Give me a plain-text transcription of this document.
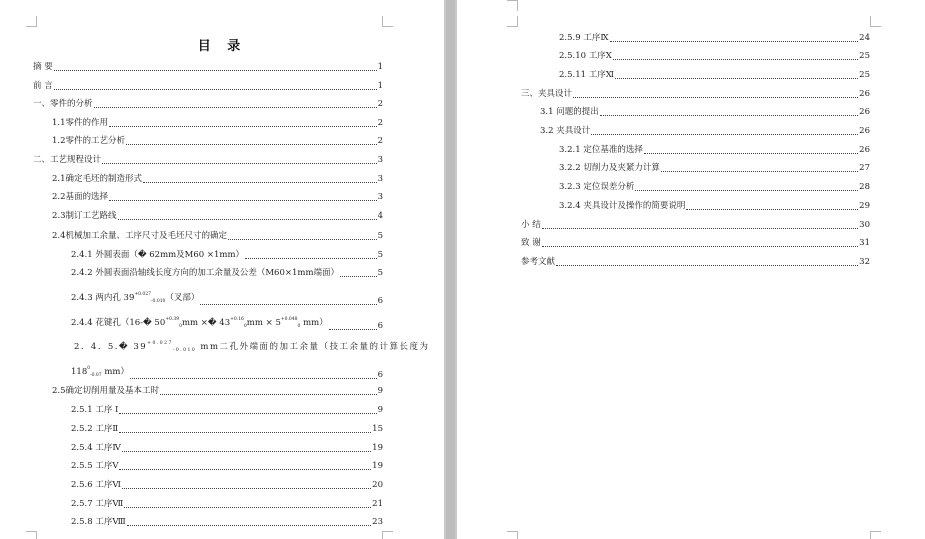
目 录
摘 要	1
前 言	1
一、零件的分析	2
1.1零件的作用	2
1.2零件的工艺分析	2
二、工艺规程设计	3
2.1确定毛坯的制造形式	3
2.2基面的选择	3
2.3制订工艺路线	4
2.4机械加工余量、工序尺寸及毛坯尺寸的确定	5
2.4.1 外圆表面（� 62mm及M60 ×1mm）	5
2.4.2 外圆表面沿轴线长度方向的加工余量及公差（M60×1mm端面）	5
2.4.3 两内孔 $39^{+0.027}_{-0.010}$（叉部）	6
2.4.4 花键孔（16-� $50^{+0.39}_0mm$ ×� $43^{+0.16}_0mm \times 5^{+0.048}_0$ mm）	6
2．4．5.� $39^{+0.027}_{-0.010}$ mm二孔外端面的加工余量（技工余量的计算长度为
$118^0_{-0.07}$ mm）	6
2.5确定切削用量及基本工时	9
2.5.1 工序 Ⅰ	9
2.5.2 工序Ⅱ	15
2.5.4 工序Ⅳ	19
2.5.5 工序Ⅴ	19
2.5.6 工序Ⅵ	20
2.5.7 工序Ⅶ	21
2.5.8 工序Ⅷ	23
2.5.9 工序Ⅸ	24
2.5.10 工序Ⅹ	25
2.5.11 工序Ⅺ	25
三、夹具设计	26
3.1 问题的提出	26
3.2 夹具设计	26
3.2.1 定位基准的选择	26
3.2.2 切削力及夹紧力计算	27
3.2.3 定位误差分析	28
3.2.4 夹具设计及操作的简要说明	29
小 结	30
致 谢	31
参考文献	32
